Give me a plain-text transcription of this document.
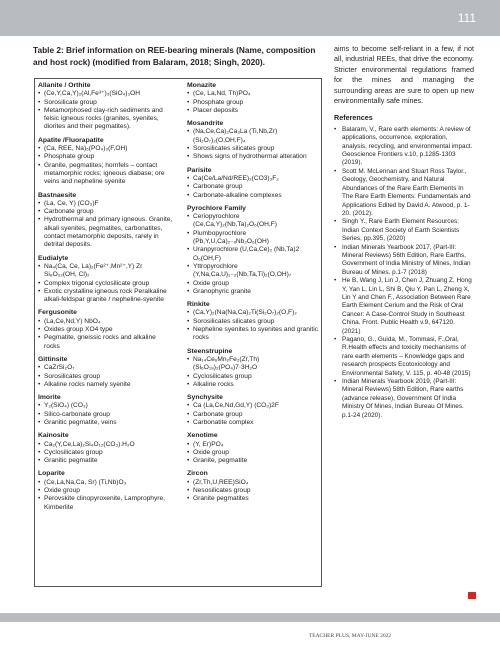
111
Table 2: Brief information on REE-bearing minerals (Name, composition and host rock) (modified from Balaram, 2018; Singh, 2020).
Allanite / Orthite
• (Ce,Y,Ca,Y)₂(Al,Fe³⁺)₃(SiO₄)₃OH
• Sorosilicate group
• Metamorphosed clay-rich sediments and felsic igneous rocks (granites, syenites, diorites and their pegmatites).
Apatite /Fluorapatite
• (Ca, REE, Na)₅(PO₄)₃(F,OH)
• Phosphate group
• Granite, pegmatites; hornfels – contact metamorphic rocks; igneous diabase; ore veins and nepheline syenite
Bastnaesite
• (La, Ce, Y) (CO₃)F
• Carbonate group
• Hydrothermal and primary igneous. Granite, alkali syenites, pegmatites, carbonatites, contact metamorphic deposits, rarely in detrital deposits.
Eudialyte
• Na₄(Ca, Ce, La)₂(Fe²⁺,Mn²⁺,Y) Zr Si₈O₂₂(OH, Cl)₂
• Complex trigonal cyclosilicate group
• Exotic crystalline igneous rock Peralkaline alkali-feldspar granite / nepheline-syenite
Fergusonite
• (La,Ce,Nd,Y) NbO₄
• Oxides group XO4 type
• Pegmatite, gneissic rocks and alkaline rocks
Gittinsite
• CaZrSi₂O₇
• Sorosilicates group
• Alkaline rocks namely syenite
Imorite
• Y₂(SiO₄) (CO₃)
• Silico-carbonate group
• Granitic pegmatite, veins
Kainosite
• Ca₂(Y,Ce,La)₂Si₄O₁₂(CO₃).H₂O
• Cyclosilicates group
• Granitic pegmatite
Loparite
• (Ce,La,Na,Ca, Sr) (Ti,Nb)O₃
• Oxide group
• Perovskite clinopyroxenite, Lamprophyre, Kimberlite
Monazite
• (Ce, La,Nd, Th)PO₄
• Phosphate group
• Placer deposits
Mosandrite
• (Na,Ce,Ca)₂Ca₃La (Ti,Nb,Zr) (Si₂O₇)₂(O,OH,F)₄
• Sorosilicates silicates group
• Shows signs of hydrothermal alteration
Parisite
• Ca(Ce/La/Nd/REE)₂(CO3)₃F₂
• Carbonate group
• Carbonate-alkaline complexes
Pyrochlore Family
• Ceriopyrochlore (Ce,Ca,Y)₂(Nb,Ta)₂O₆(OH,F)
• Plumbopyrochlore (Pb,Y,U,Ca)₂₋ₓNb₂O₆(OH)
• Uranpyrochlore (U,Ca,Ce)₂ (Nb,Ta)2 O₆(OH,F)
• Yttropyrochlore (Y,Na,Ca,U)₁₋₂(Nb,Ta,Ti)₂(O,OH)₇
• Oxide group
• Granophyric granite
Rinkite
• (Ca,Y)₂(Na(Na,Ca)₂Ti(Si₂O₇)₂(O,F)₂
• Sorosilicates silicates group
• Nepheline syenites to syenites and granitic rocks
Steenstrupine
• Na₁₄Ce₆Mn₂Fe₂(Zr,Th) (Si₆O₁₈)₂(PO₄)7·3H₂O
• Cyclosilicates group
• Alkaline rocks
Synchysite
• Ca (La,Ce,Nd,Gd,Y) (CO₃)2F
• Carbonate group
• Carbonatite complex
Xenotime
• (Y, Er)PO₄
• Oxide group
• Granite, pegmatite
Zircon
• (Zr,Th,U,REE)SiO₄
• Nesosilicates group
• Granite pegmatites
aims to become self-reliant in a few, if not all, industrial REEs, that drive the economy. Stricter environmental regulations framed for the mines and managing the surrounding areas are sure to open up new environmentally safe mines.
References
• Balaram, V., Rare earth elements: A review of applications, occurrence, exploration, analysis, recycling, and environmental impact. Geoscience Frontiers v.10, p.1285-1303 (2019).
• Scott M. McLennan and Stuart Ross Taylor., Geology, Geochemistry, and Natural Abundances of the Rare Earth Elements In The Rare Earth Elements: Fundamentals and Applications Edited by David A. Atwood, p. 1-20. (2012).
• Singh Y., Rare Earth Element Resources: Indian Context Society of Earth Scientists Series, pp.395, (2020)
• Indian Minerals Yearbook 2017, (Part-III: Mineral Reviews) 56th Edition, Rare Earths, Government of India Ministry of Mines, Indian Bureau of Mines. p.1-7 (2018)
• He B, Wang J, Lin J, Chen J, Zhuang Z, Hong Y, Yan L, Lin L, Shi B, Qiu Y, Pan L, Zheng X, Lin Y and Chen F., Association Between Rare Earth Element Cerium and the Risk of Oral Cancer: A Case-Control Study in Southeast China. Front. Public Health v.9, 647120. (2021)
• Pagano, G., Guida, M., Tommasi, F.,Oral, R.Health effects and toxicity mechanisms of rare earth elements – Knowledge gaps and research prospects Ecotoxicology and Environmental Safety, V. 115, p. 40-48 (2015)
• Indian Minerals Yearbook 2019, (Part-III: Mineral Reviews) 58th Edition, Rare earths (advance release), Government Of India Ministry Of Mines, Indian Bureau Of Mines. p.1-24 (2020).
TEACHER PLUS, MAY-JUNE 2022
